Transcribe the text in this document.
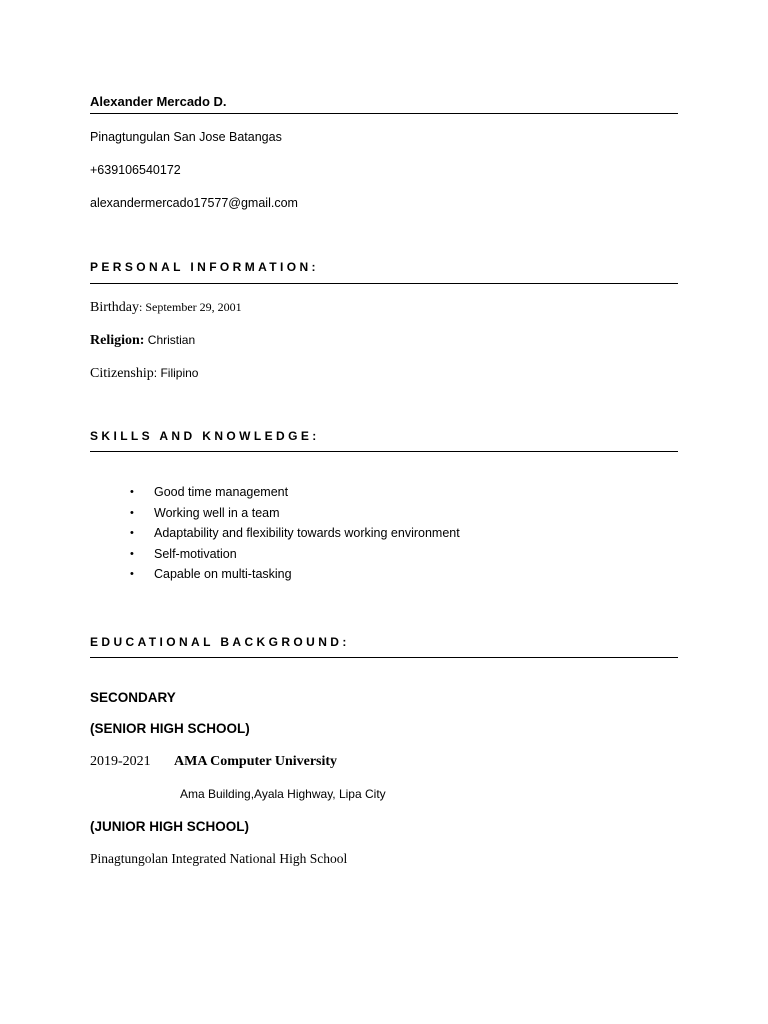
Alexander Mercado D.
Pinagtungulan San Jose Batangas
+639106540172
alexandermercado17577@gmail.com
PERSONAL INFORMATION:
Birthday: September 29, 2001
Religion: Christian
Citizenship: Filipino
SKILLS AND KNOWLEDGE:
• Good time management
• Working well in a team
• Adaptability and flexibility towards working environment
• Self-motivation
• Capable on multi-tasking
EDUCATIONAL BACKGROUND:
SECONDARY
(SENIOR HIGH SCHOOL)
2019-2021 AMA Computer University
Ama Building,Ayala Highway, Lipa City
(JUNIOR HIGH SCHOOL)
Pinagtungolan Integrated National High School
